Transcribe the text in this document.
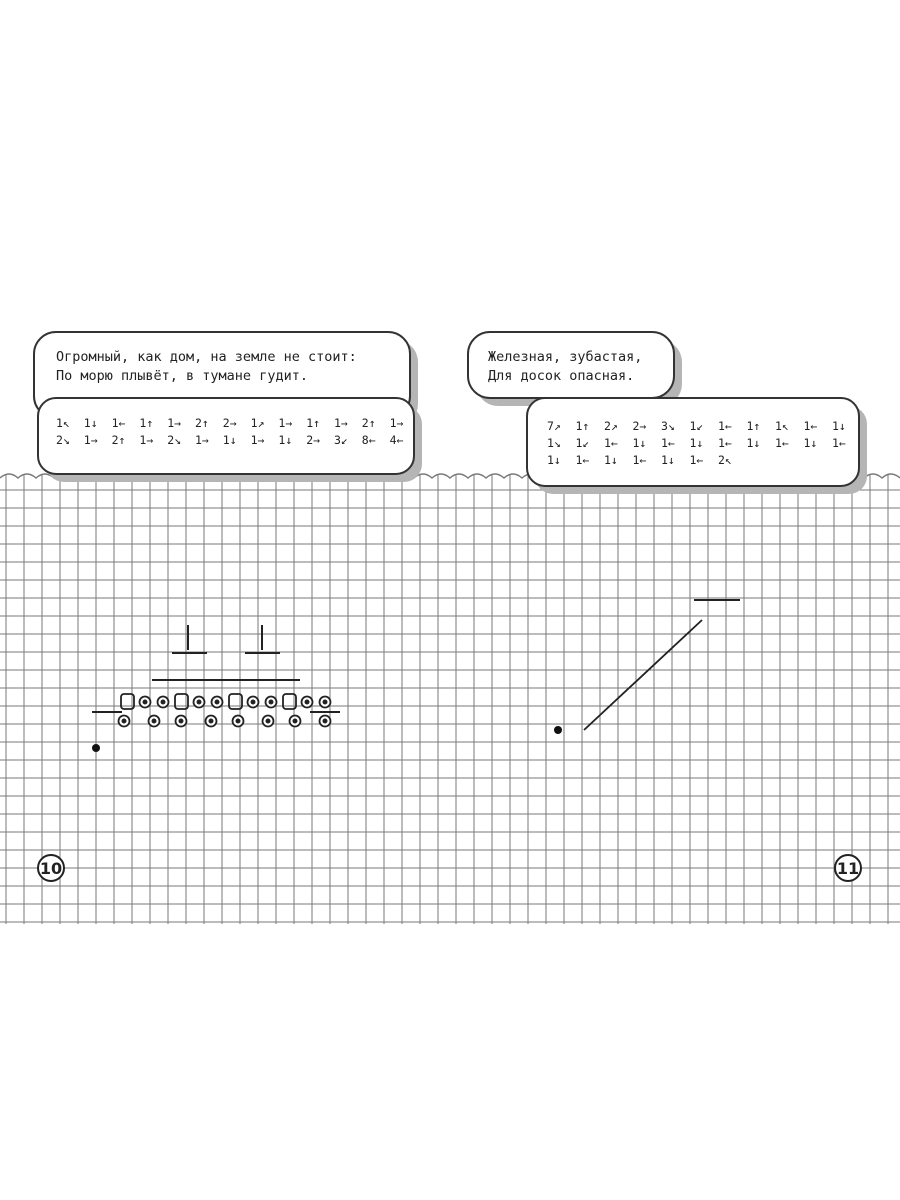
Огромный, как дом, на земле не стоит:
По морю плывёт, в тумане гудит.
1↖ 1↓ 1← 1↑ 1→ 2↑ 2→ 1↗ 1→ 1↑ 1→ 2↑ 1→
2↘ 1→ 2↑ 1→ 2↘ 1→ 1↓ 1→ 1↓ 2→ 3↙ 8← 4←
Железная, зубастая,
Для досок опасная.
7↗ 1↑ 2↗ 2→ 3↘ 1↙ 1← 1↑ 1↖ 1← 1↓
1↘ 1↙ 1← 1↓ 1← 1↓ 1← 1↓ 1← 1↓ 1←
1↓ 1← 1↓ 1← 1↓ 1← 2↖
10	11
